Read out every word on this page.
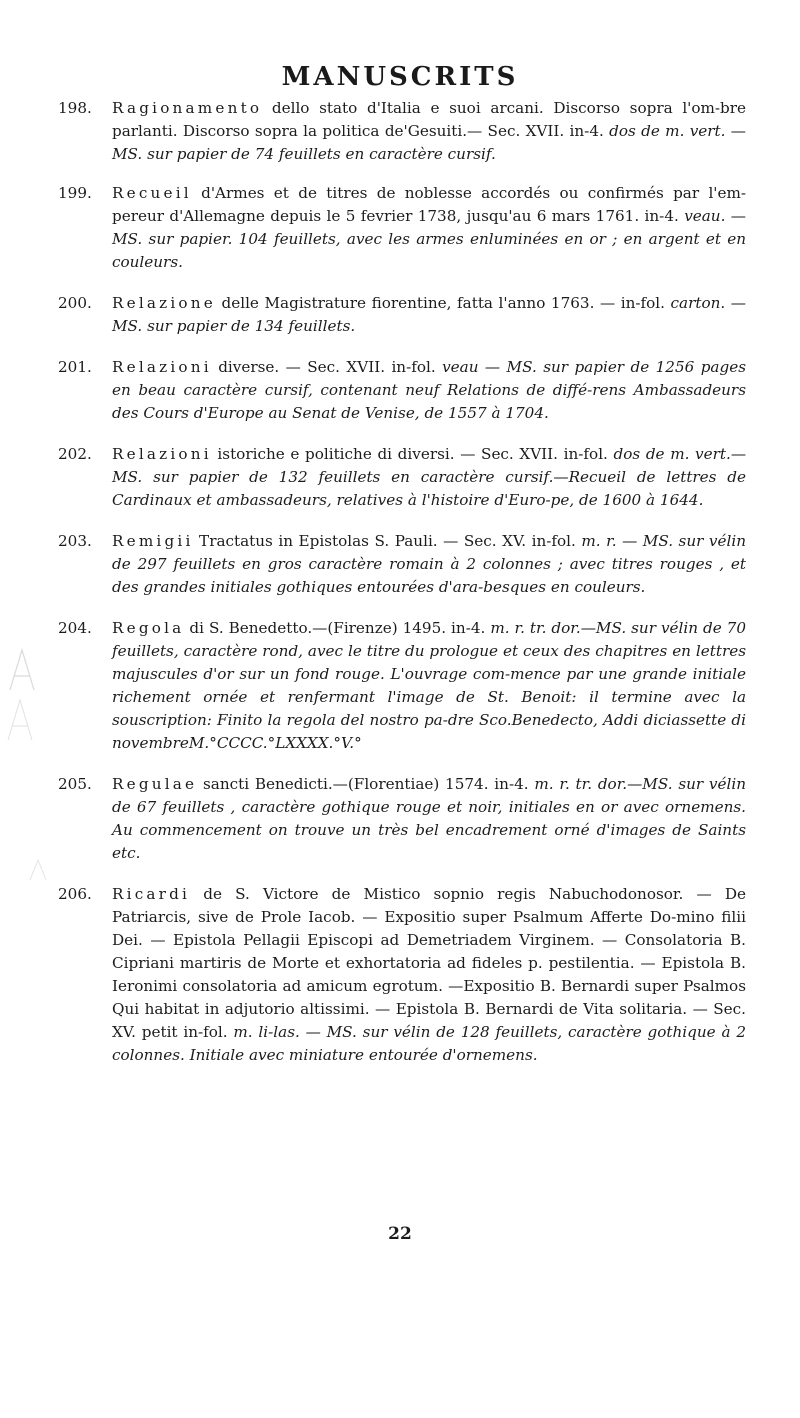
MANUSCRITS
198.	Ragionamento dello stato d'Italia e suoi arcani. Discorso sopra l'om-bre parlanti. Discorso sopra la politica de'Gesuiti.— Sec. XVII. in-4. dos de m. vert. — MS. sur papier de 74 feuillets en caractère cursif.
199.	Recueil d'Armes et de titres de noblesse accordés ou confirmés par l'em-pereur d'Allemagne depuis le 5 fevrier 1738, jusqu'au 6 mars 1761. in-4. veau. — MS. sur papier. 104 feuillets, avec les armes enluminées en or ; en argent et en couleurs.
200.	Relazione delle Magistrature fiorentine, fatta l'anno 1763. — in-fol. carton. — MS. sur papier de 134 feuillets.
201.	Relazioni diverse. — Sec. XVII. in-fol. veau — MS. sur papier de 1256 pages en beau caractère cursif, contenant neuf Relations de diffé-rens Ambassadeurs des Cours d'Europe au Senat de Venise, de 1557 à 1704.
202.	Relazioni istoriche e politiche di diversi. — Sec. XVII. in-fol. dos de m. vert.—MS. sur papier de 132 feuillets en caractère cursif.—Recueil de lettres de Cardinaux et ambassadeurs, relatives à l'histoire d'Euro-pe, de 1600 à 1644.
203.	Remigii Tractatus in Epistolas S. Pauli. — Sec. XV. in-fol. m. r. — MS. sur vélin de 297 feuillets en gros caractère romain à 2 colonnes ; avec titres rouges , et des grandes initiales gothiques entourées d'ara-besques en couleurs.
204.	Regola di S. Benedetto.—(Firenze) 1495. in-4. m. r. tr. dor.—MS. sur vélin de 70 feuillets, caractère rond, avec le titre du prologue et ceux des chapitres en lettres majuscules d'or sur un fond rouge. L'ouvrage com-mence par une grande initiale richement ornée et renfermant l'image de St. Benoit: il termine avec la souscription: Finito la regola del nostro pa-dre Sco.Benedecto, Addi diciassette di novembreM.°CCCC.°LXXXX.°V.°
205.	Regulae sancti Benedicti.—(Florentiae) 1574. in-4. m. r. tr. dor.—MS. sur vélin de 67 feuillets , caractère gothique rouge et noir, initiales en or avec ornemens. Au commencement on trouve un très bel encadrement orné d'images de Saints etc.
206.	Ricardi de S. Victore de Mistico sopnio regis Nabuchodonosor. — De Patriarcis, sive de Prole Iacob. — Expositio super Psalmum Afferte Do-mino filii Dei. — Epistola Pellagii Episcopi ad Demetriadem Virginem. — Consolatoria B. Cipriani martiris de Morte et exhortatoria ad fideles p. pestilentia. — Epistola B. Ieronimi consolatoria ad amicum egrotum. —Expositio B. Bernardi super Psalmos Qui habitat in adjutorio altissimi. — Epistola B. Bernardi de Vita solitaria. — Sec. XV. petit in-fol. m. li-las. — MS. sur vélin de 128 feuillets, caractère gothique à 2 colonnes. Initiale avec miniature entourée d'ornemens.
22
